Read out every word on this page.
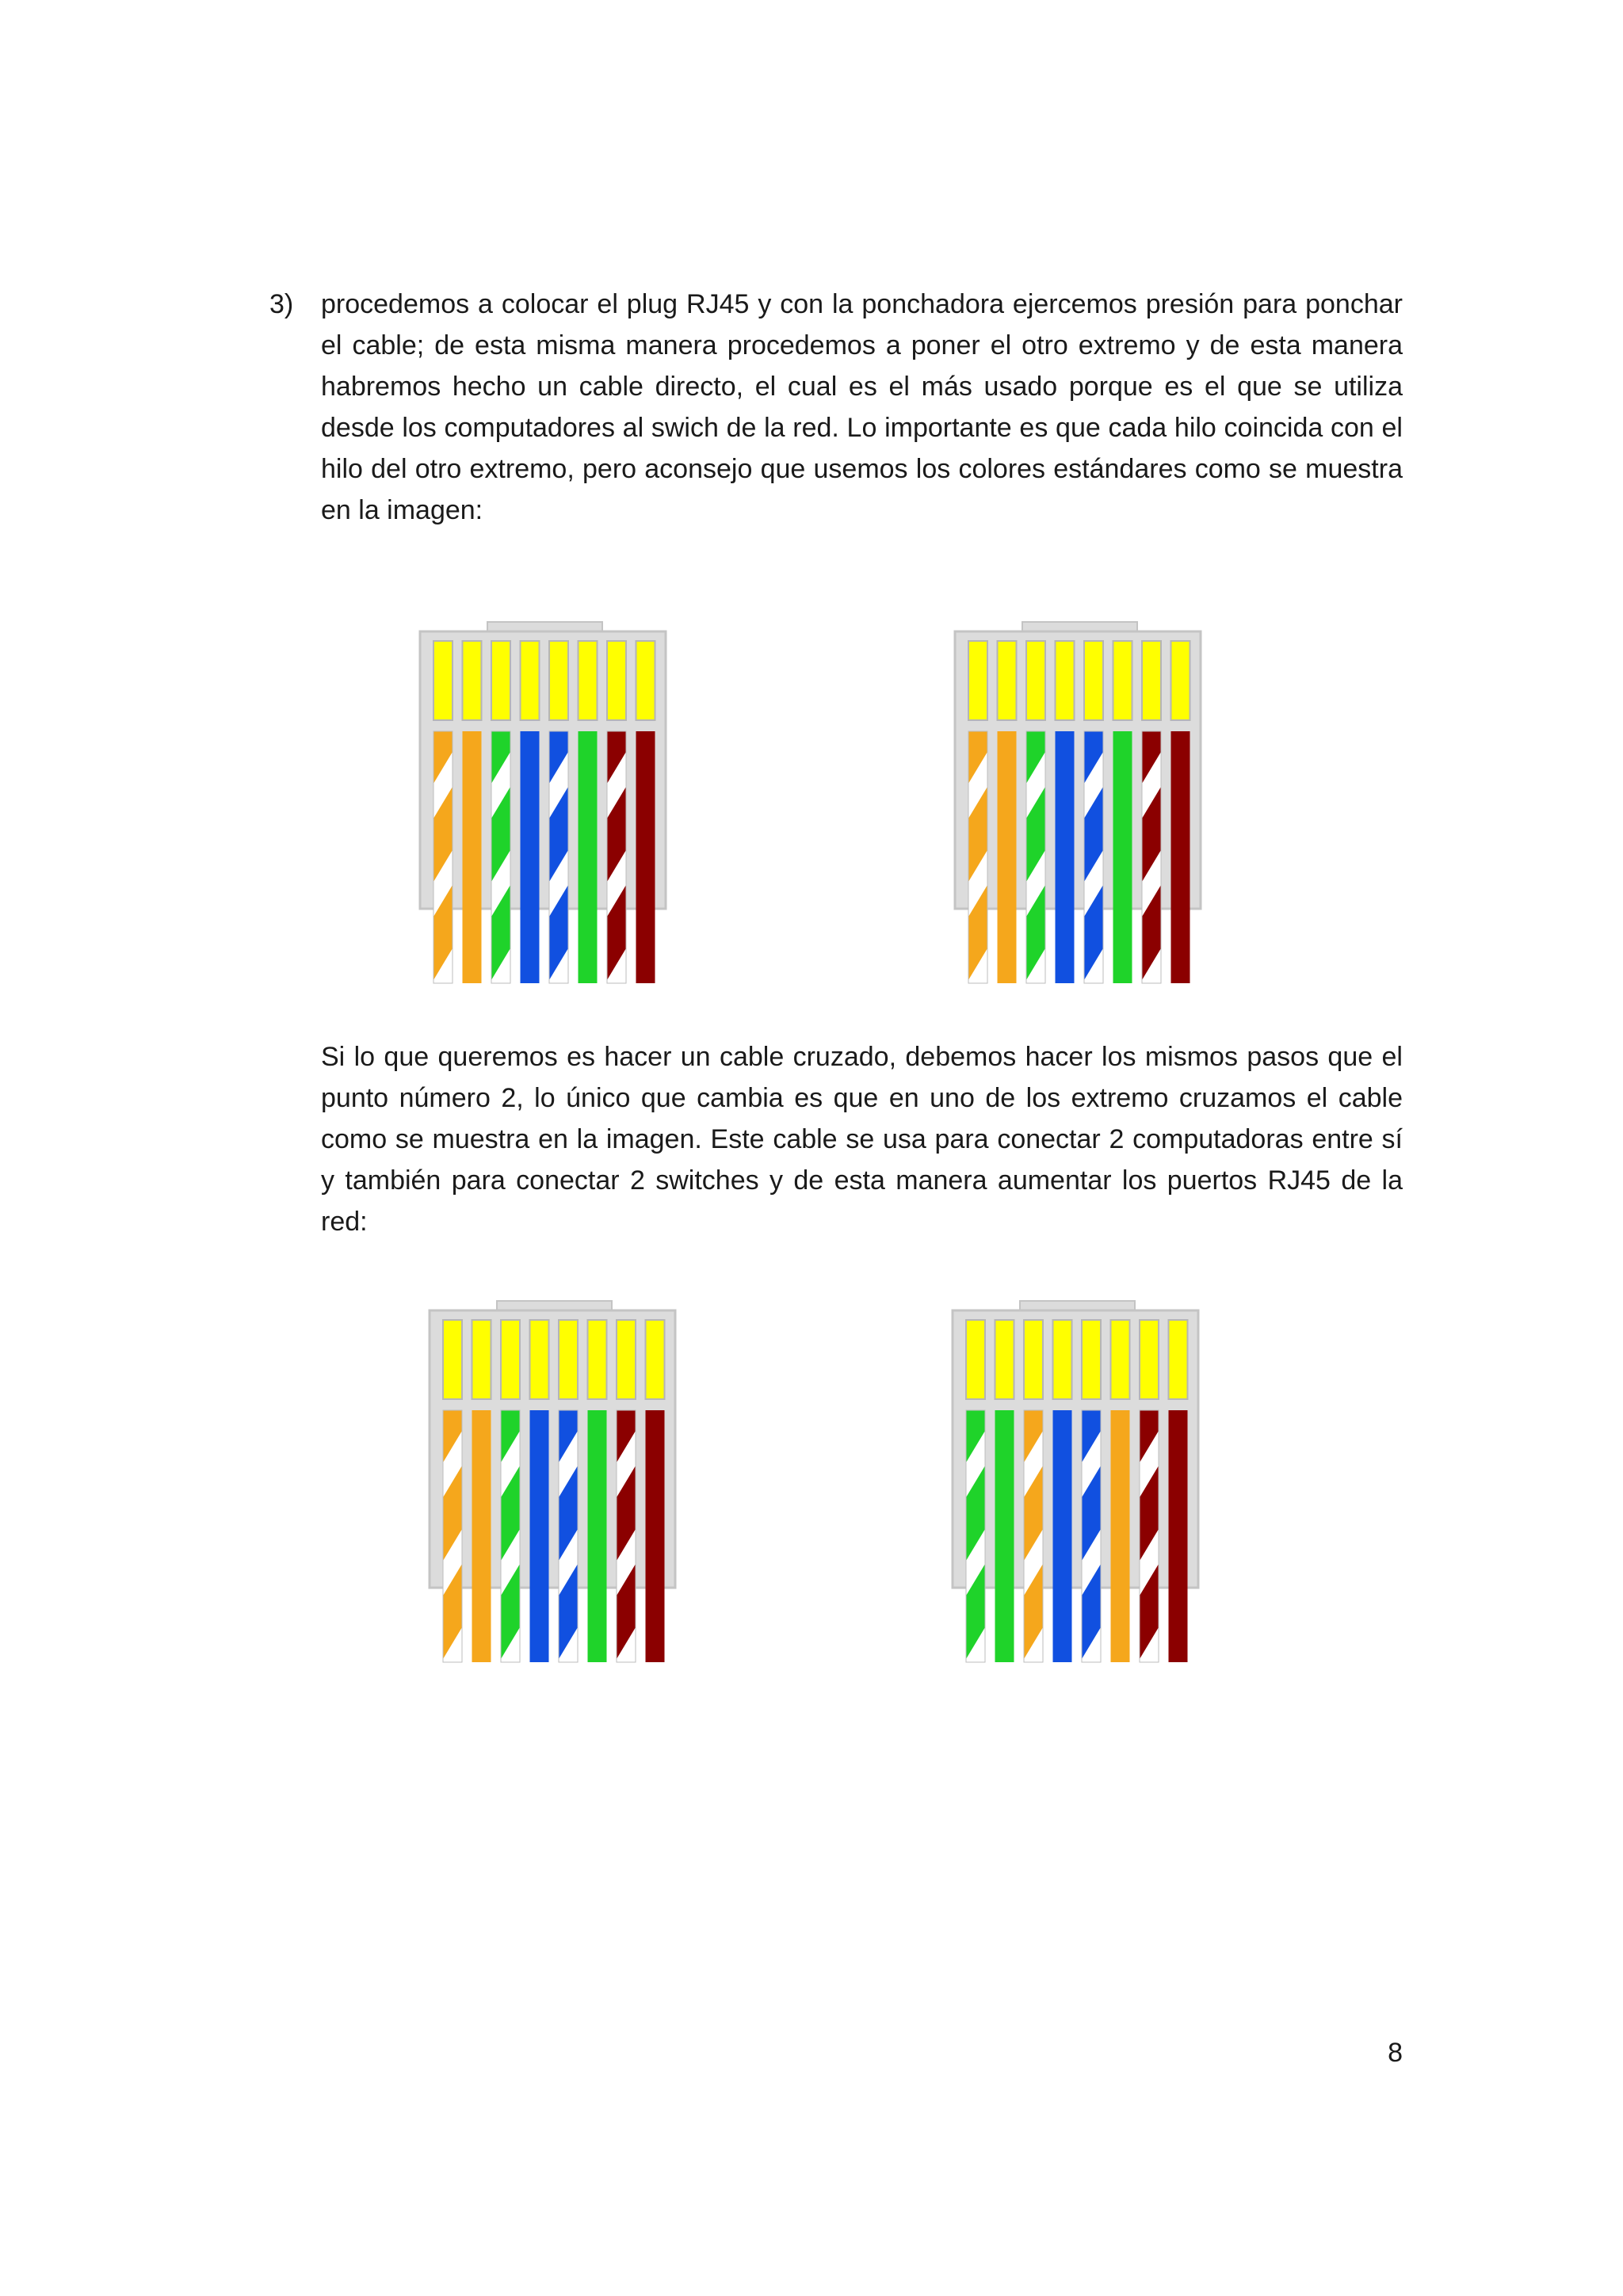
3) procedemos a colocar el plug RJ45 y con la ponchadora ejercemos presión para ponchar el cable; de esta misma manera procedemos a poner el otro extremo y de esta manera habremos hecho un cable directo, el cual es el más usado porque es el que se utiliza desde los computadores al swich de la red. Lo importante es que cada hilo coincida con el hilo del otro extremo, pero aconsejo que usemos los colores estándares como se muestra en la imagen:
Si lo que queremos es hacer un cable cruzado, debemos hacer los mismos pasos que el punto número 2, lo único que cambia es que en uno de los extremo cruzamos el cable como se muestra en la imagen. Este cable se usa para conectar 2 computadoras entre sí y también para conectar 2 switches y de esta manera aumentar los puertos RJ45 de la red:
8
